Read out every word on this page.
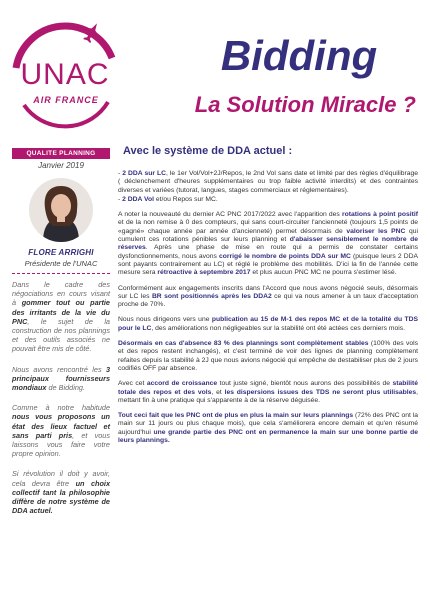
UNAC
AIR FRANCE
Bidding
La Solution Miracle ?
QUALITE PLANNING
Janvier 2019
FLORE ARRIGHI
Présidente de l'UNAC

Dans le cadre des négociations en cours visant à gommer tout ou partie des irritants de la vie du PNC, le sujet de la construction de nos plannings et des outils associés ne pouvait être mis de côté.

Nous avons rencontré les 3 principaux fournisseurs mondiaux de Bidding.

Comme à notre habitude nous vous proposons un état des lieux factuel et sans parti pris, et vous laissons vous faire votre propre opinion.

Si révolution il doit y avoir, cela devra être un choix collectif tant la philosophie diffère de notre système de DDA actuel.

Avec le système de DDA actuel :

- 2 DDA sur LC, le 1er Vol/Vol+2J/Repos, le 2nd Vol sans date et limité par des règles d'équilibrage ( déclenchement d'heures supplémentaires ou trop faible activité interdits) et des contraintes diverses et variées (tutorat, langues, stages commerciaux et réglementaires).

- 2 DDA Vol et/ou Repos sur MC.

A noter la nouveauté du dernier AC PNC 2017/2022 avec l'apparition des rotations à point positif et de la non remise à 0 des compteurs, qui sans court-circuiter l'ancienneté (toujours 1,5 points de «gagné» chaque année par année d'ancienneté) permet désormais de valoriser les PNC qui cumulent ces rotations pénibles sur leurs planning et d'abaisser sensiblement le nombre de réserves. Après une phase de mise en route qui a permis de constater certains dysfonctionnements, nous avons corrigé le nombre de points DDA sur MC (puisque leurs 2 DDA sont payants contrairement au LC) et réglé le problème des mobilités. D'ici la fin de l'année cette mesure sera rétroactive à septembre 2017 et plus aucun PNC MC ne pourra s'estimer lésé.

Conformément aux engagements inscrits dans l'Accord que nous avons négocié seuls, désormais sur LC les BR sont positionnés après les DDA2 ce qui va nous amener à un taux d'acceptation proche de 70%.

Nous nous dirigeons vers une publication au 15 de M-1 des repos MC et de la totalité du TDS pour le LC, des améliorations non négligeables sur la stabilité ont été actées ces derniers mois.

Désormais en cas d'absence 83 % des plannings sont complètement stables (100% des vols et des repos restent inchangés), et c'est terminé de voir des lignes de planning complètement refaites depuis la stabilité à 2J que nous avions négocié qui empêche de destabiliser plus de 2 jours codifiés OFF par absence.

Avec cet accord de croissance tout juste signé, bientôt nous aurons des possibilités de stabilité totale des repos et des vols, et les dispersions issues des TDS ne seront plus utilisables, mettant fin à une pratique qui s'apparente à de la réserve déguisée.

Tout ceci fait que les PNC ont de plus en plus la main sur leurs plannings (72% des PNC ont la main sur 11 jours ou plus chaque mois), que cela s'améliorera encore demain et qu'en résumé aujourd'hui une grande partie des PNC ont en permanence la main sur une bonne partie de leurs plannings.
